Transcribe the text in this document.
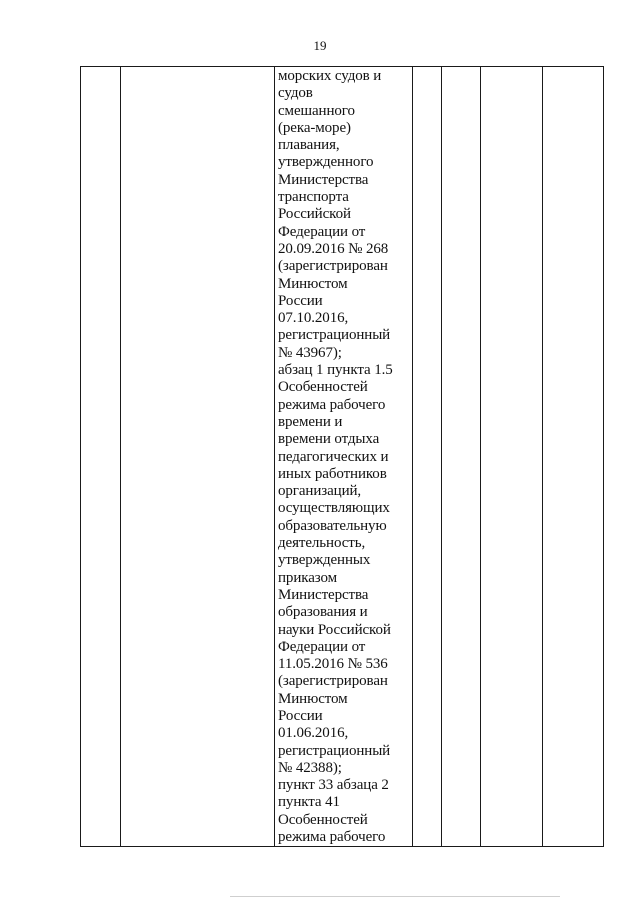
19

морских судов и
судов
смешанного
(река-море)
плавания,
утвержденного
Министерства
транспорта
Российской
Федерации от
20.09.2016 № 268
(зарегистрирован
Минюстом
России
07.10.2016,
регистрационный
№ 43967);
абзац 1 пункта 1.5
Особенностей
режима рабочего
времени и
времени отдыха
педагогических и
иных работников
организаций,
осуществляющих
образовательную
деятельность,
утвержденных
приказом
Министерства
образования и
науки Российской
Федерации от
11.05.2016 № 536
(зарегистрирован
Минюстом
России
01.06.2016,
регистрационный
№ 42388);
пункт 33 абзаца 2
пункта 41
Особенностей
режима рабочего
